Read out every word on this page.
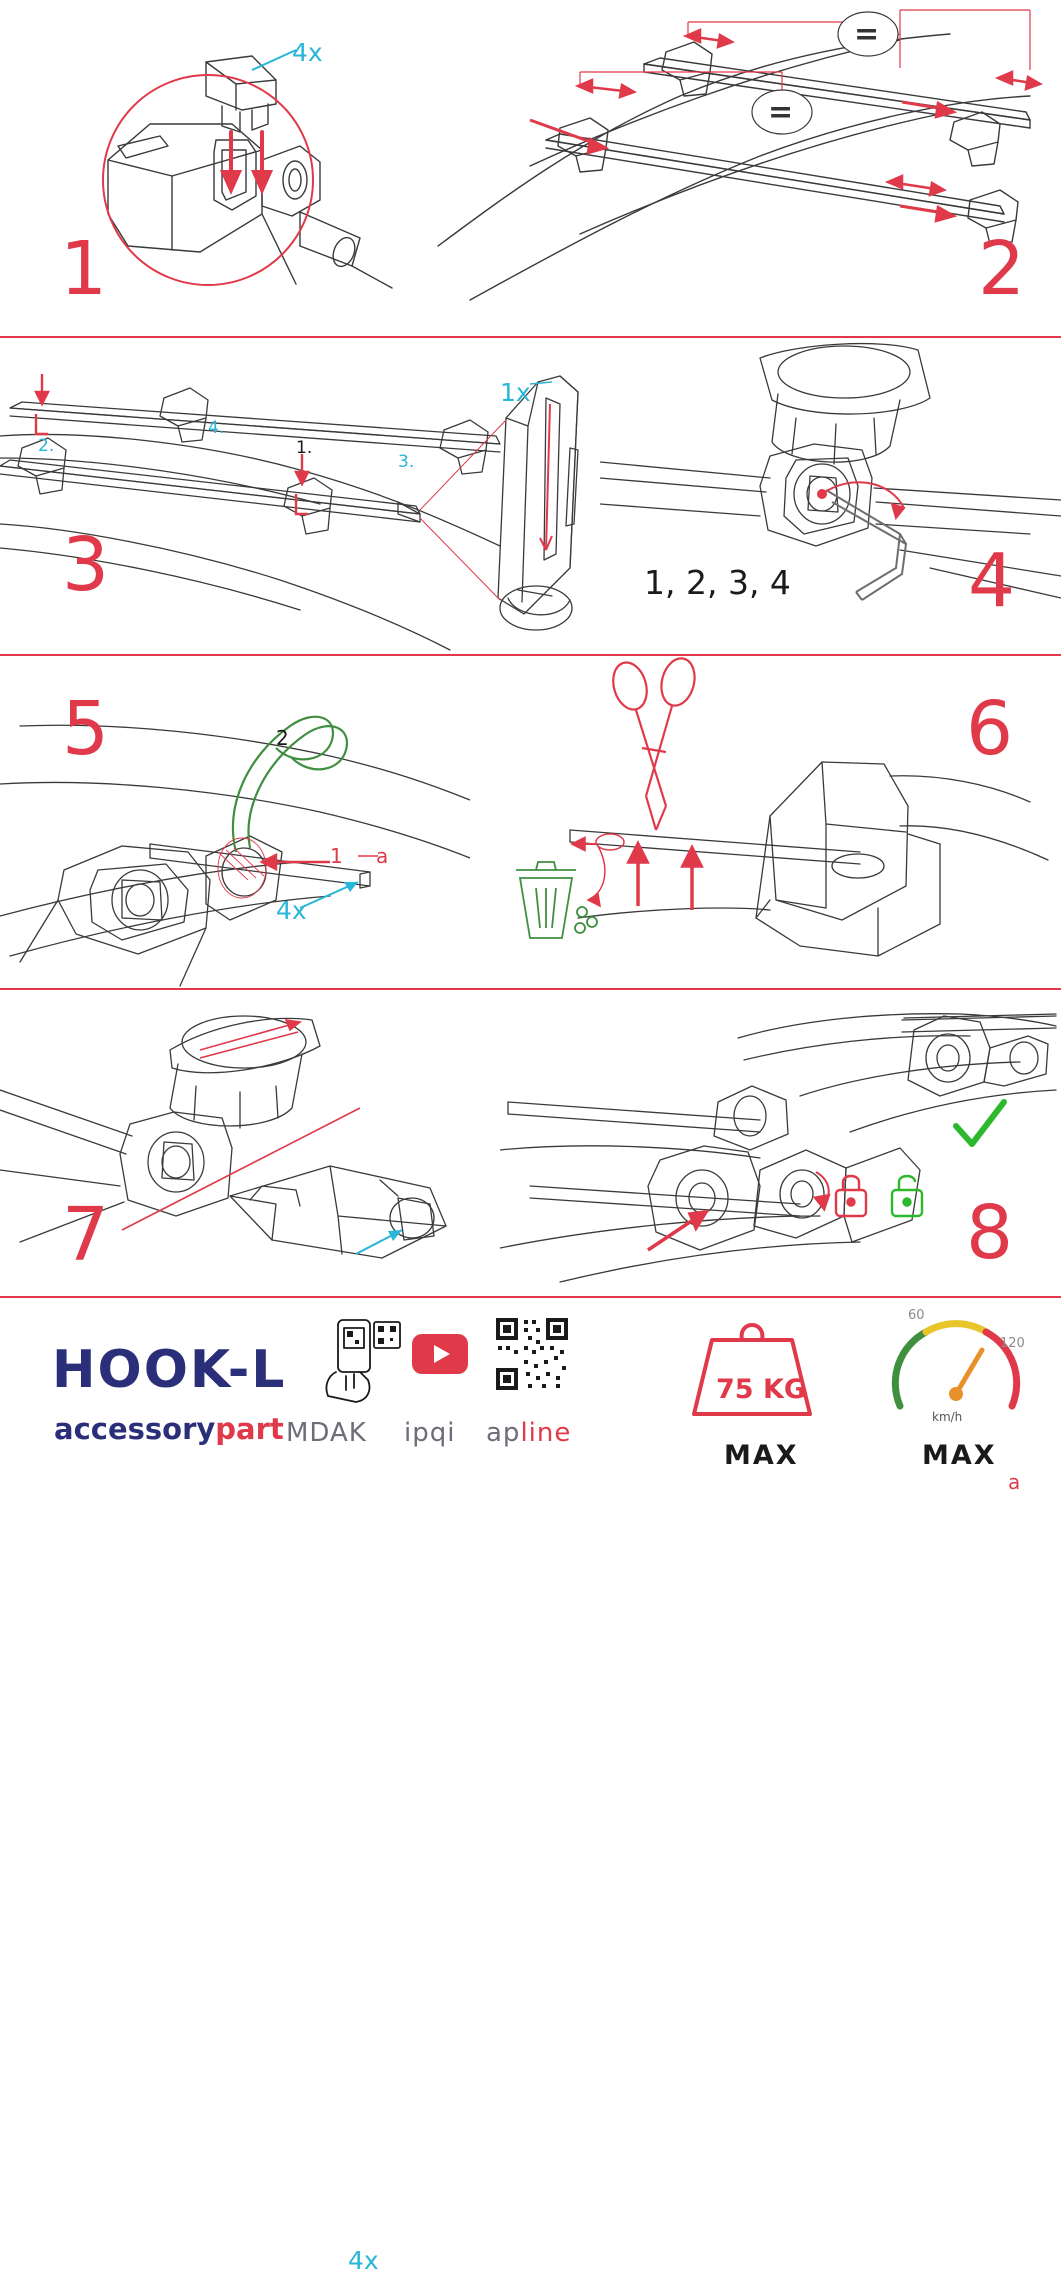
1
4x
2
=
=
3
1.
2.
3.
4.
1x
4
1, 2, 3, 4
5
1
2
a
4x
a
6
4x
7	8
HOOK-L
accessorypart MDAK ipqi apline
75 KG
MAX	MAX
km/h
60
120
